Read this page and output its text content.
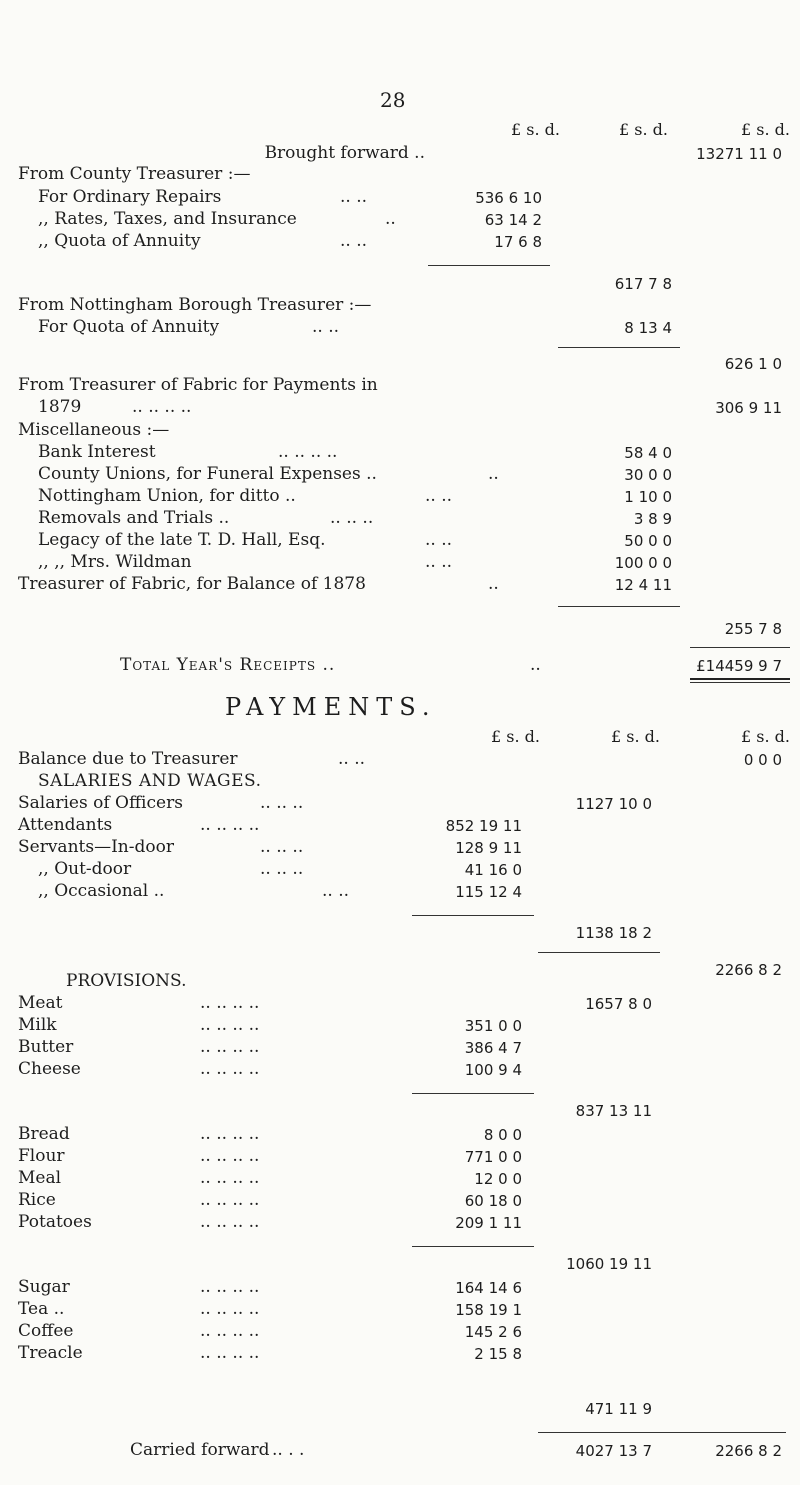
28
£ s. d.	£ s. d.	£ s. d.
Brought forward ..	13271 11 0
From County Treasurer :—
For Ordinary Repairs	.. ..	536 6 10
,, Rates, Taxes, and Insurance	..	63 14 2
,, Quota of Annuity	.. ..	17 6 8
617 7 8
From Nottingham Borough Treasurer :—
For Quota of Annuity	.. ..	8 13 4
626 1 0
From Treasurer of Fabric for Payments in
1879	.. .. .. ..	306 9 11
Miscellaneous :—
Bank Interest	.. .. .. ..	58 4 0
County Unions, for Funeral Expenses ..	..	30 0 0
Nottingham Union, for ditto ..	.. ..	1 10 0
Removals and Trials ..	.. .. ..	3 8 9
Legacy of the late T. D. Hall, Esq.	.. ..	50 0 0
,, ,, Mrs. Wildman	.. ..	100 0 0
Treasurer of Fabric, for Balance of 1878	..	12 4 11
255 7 8
Total Year's Receipts ..	..	£14459 9 7
PAYMENTS.
£ s. d.	£ s. d.	£ s. d.
Balance due to Treasurer	.. ..	0 0 0
SALARIES AND WAGES.
Salaries of Officers	.. .. ..	1127 10 0
Attendants	.. .. .. ..	852 19 11
Servants—In-door	.. .. ..	128 9 11
,, Out-door	.. .. ..	41 16 0
,, Occasional ..	.. ..	115 12 4
1138 18 2
2266 8 2
PROVISIONS.
Meat	.. .. .. ..	1657 8 0
Milk	.. .. .. ..	351 0 0
Butter	.. .. .. ..	386 4 7
Cheese	.. .. .. ..	100 9 4
837 13 11
Bread	.. .. .. ..	8 0 0
Flour	.. .. .. ..	771 0 0
Meal	.. .. .. ..	12 0 0
Rice	.. .. .. ..	60 18 0
Potatoes	.. .. .. ..	209 1 11
1060 19 11
Sugar	.. .. .. ..	164 14 6
Tea ..	.. .. .. ..	158 19 1
Coffee	.. .. .. ..	145 2 6
Treacle	.. .. .. ..	2 15 8
471 11 9
Carried forward .. . .	4027 13 7	2266 8 2
